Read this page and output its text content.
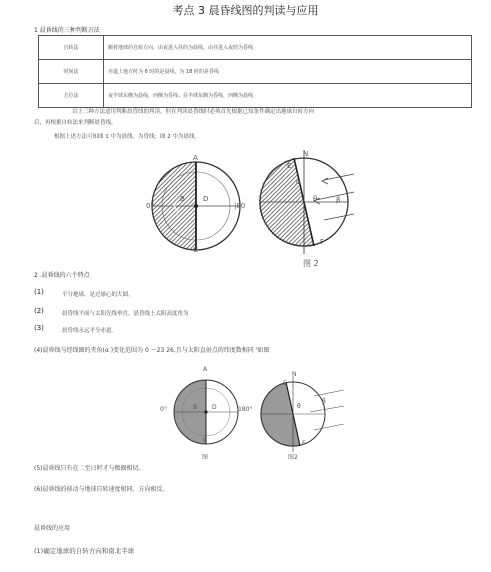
考点 3 晨昏线图的判读与应用
1 晨昏线的三种判断方法
自转法	顺着地球的自转方向，由夜进入昼的为晨线，由昼进入夜的为昏线
时间法	赤道上地方时为 6 时的是晨线，为 18 时的是昏线
方位法	夜半球东侧为晨线，西侧为昏线；昼半球东侧为昏线，西侧为晨线
以上三种方法适用判断晨昏线的判读，但在判读晨昏线时必须首先根据已知条件确定出地球自转方向
后，再根据自转法来判断晨昏线。
根据上述方法可知图 1 中为晨线，为昏线；图 2 中为晨线。
A
B	D
C
0°	|80
E
N
F
α
θ	β
图 2
2 .晨昏线的六个特点
(1)	平分地球，是过球心的大圆。
(2)	晨昏线平面与太阳光线垂直，晨昏线上太阳高度角为
(3)	晨昏线永远平分赤道。
(4)晨昏线与经线圈的夹角(α )变化范围为 0 ～23 26,且与太阳直射点的纬度数相同 '如图
A
B D
C
0°	180°
图
E
N
F
θ
β
图2
(5)晨昏线只有在二至日时才与极圈相切。
(6)晨昏线的移动与地球自转速度相同、方向相反。
晨昏线的应用
(1)确定地球的自转方向和南北半球
